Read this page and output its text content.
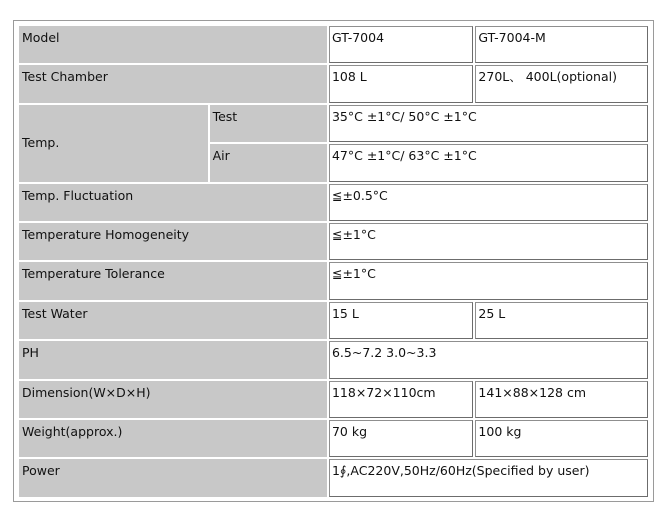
Model		GT-7004	GT-7004-M
Test Chamber		108 L	270L、 400L(optional)
Temp.	Test	35°C ±1°C/ 50°C ±1°C	
	Air	47°C ±1°C/ 63°C ±1°C	
Temp. Fluctuation		≦±0.5°C	
Temperature Homogeneity		≦±1°C	
Temperature Tolerance		≦±1°C	
Test Water		15 L	25 L
PH		6.5~7.2 3.0~3.3	
Dimension(W×D×H)		118×72×110cm	141×88×128 cm
Weight(approx.)		70 kg	100 kg
Power		1∮,AC220V,50Hz/60Hz(Specified by user)	
